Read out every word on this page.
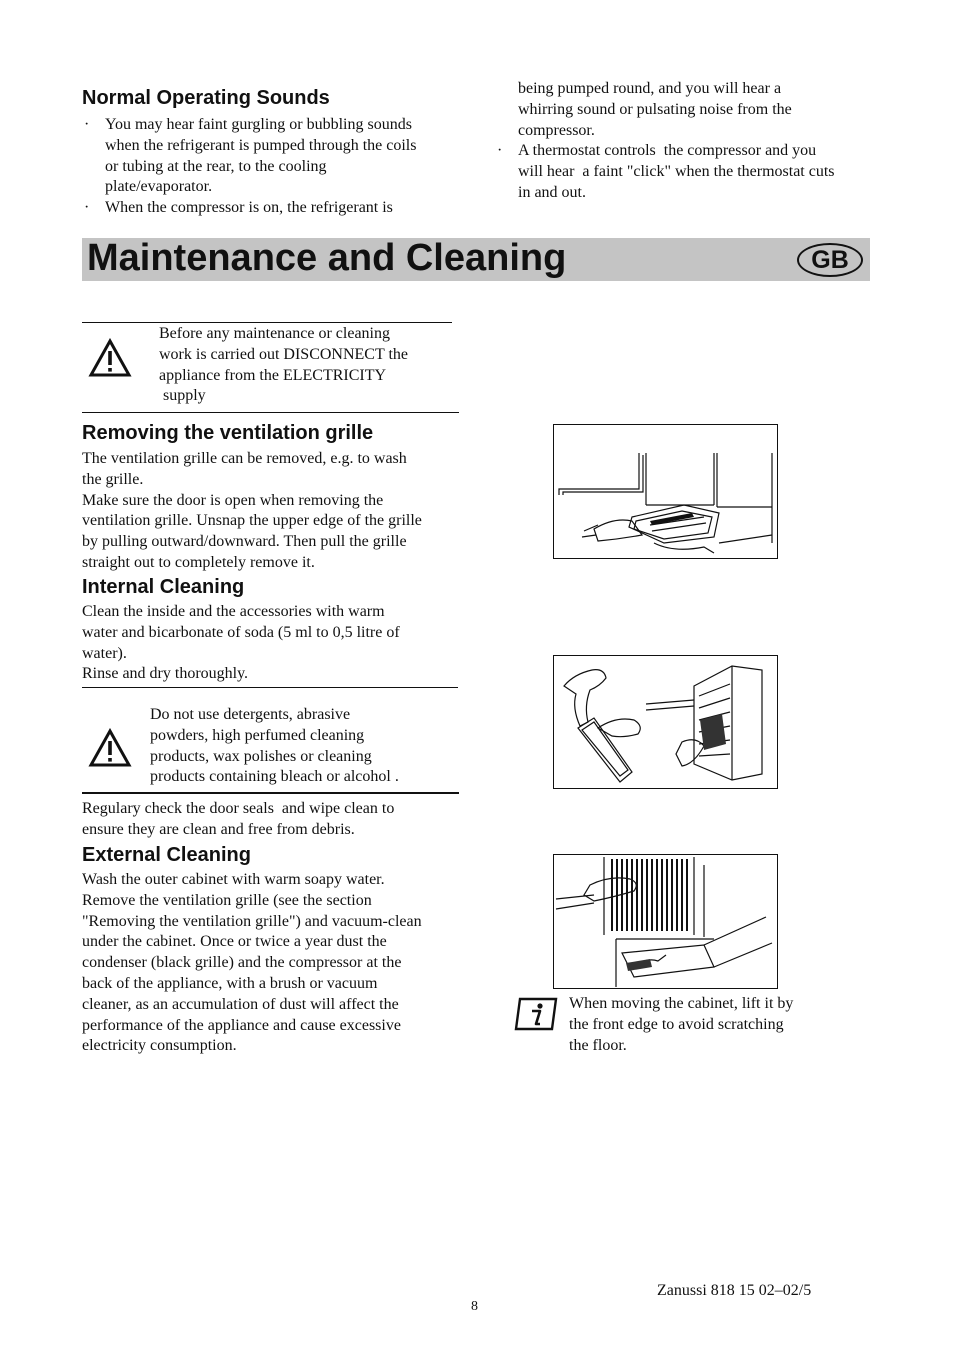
Normal Operating Sounds
· You may hear faint gurgling or bubbling sounds
when the refrigerant is pumped through the coils
or tubing at the rear, to the cooling
plate/evaporator.
· When the compressor is on, the refrigerant is
being pumped round, and you will hear a
whirring sound or pulsating noise from the
compressor.
· A thermostat controls  the compressor and you
will hear  a faint "click" when the thermostat cuts
in and out.
Maintenance and Cleaning	GB
Before any maintenance or cleaning
work is carried out DISCONNECT the
appliance from the ELECTRICITY
supply
Removing the ventilation grille
The ventilation grille can be removed, e.g. to wash
the grille.
Make sure the door is open when removing the
ventilation grille. Unsnap the upper edge of the grille
by pulling outward/downward. Then pull the grille
straight out to completely remove it.
Internal Cleaning
Clean the inside and the accessories with warm
water and bicarbonate of soda (5 ml to 0,5 litre of
water).
Rinse and dry thoroughly.
Do not use detergents, abrasive
powders, high perfumed cleaning
products, wax polishes or cleaning
products containing bleach or alcohol .
Regulary check the door seals  and wipe clean to
ensure they are clean and free from debris.
External Cleaning
Wash the outer cabinet with warm soapy water.
Remove the ventilation grille (see the section
"Removing the ventilation grille") and vacuum-clean
under the cabinet. Once or twice a year dust the
condenser (black grille) and the compressor at the
back of the appliance, with a brush or vacuum
cleaner, as an accumulation of dust will affect the
performance of the appliance and cause excessive
electricity consumption.
When moving the cabinet, lift it by
the front edge to avoid scratching
the floor.
Zanussi 818 15 02–02/5
8
